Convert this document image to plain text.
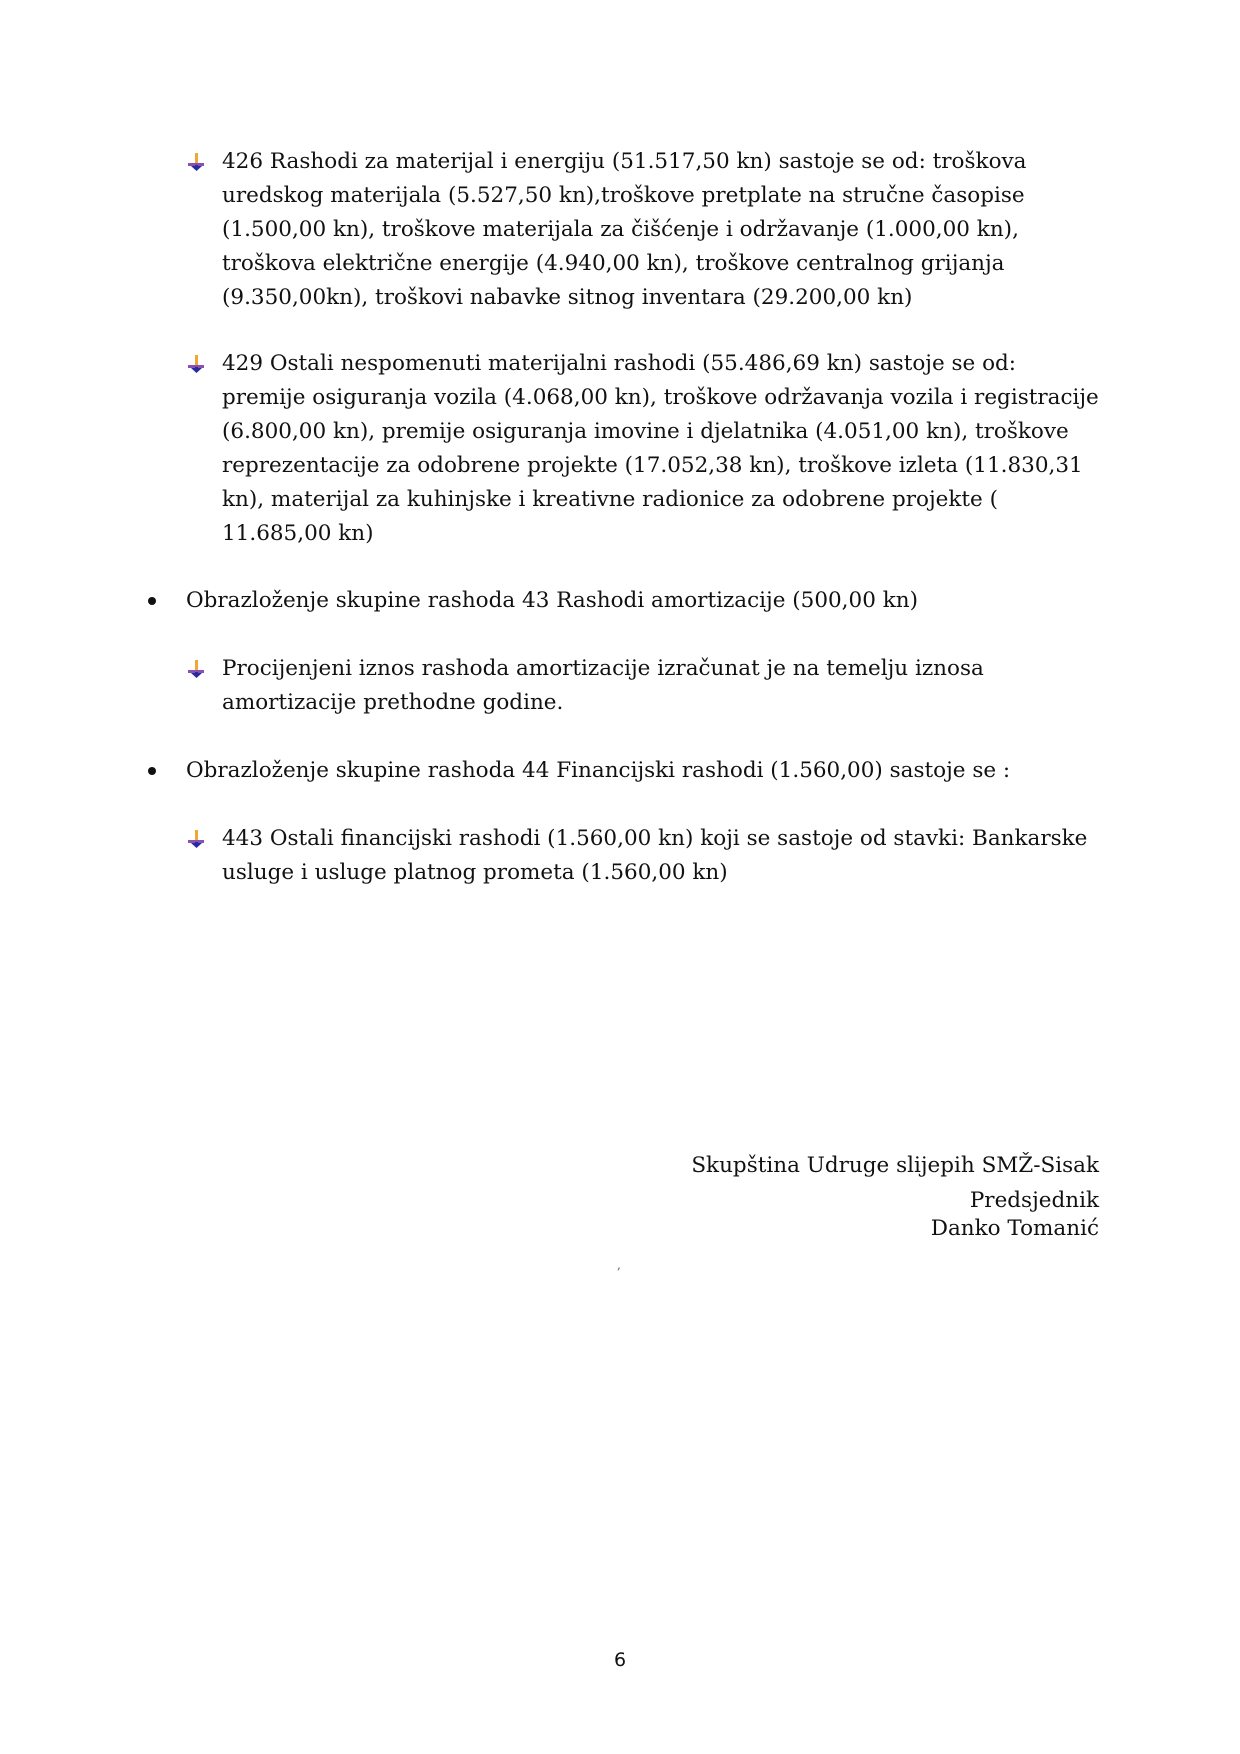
426 Rashodi za materijal i energiju (51.517,50 kn) sastoje se od: troškova uredskog materijala (5.527,50 kn),troškove pretplate na stručne časopise (1.500,00 kn), troškove materijala za čišćenje i održavanje (1.000,00 kn), troškova električne energije (4.940,00 kn), troškove centralnog grijanja (9.350,00kn), troškovi nabavke sitnog inventara (29.200,00 kn)
429 Ostali nespomenuti materijalni rashodi (55.486,69 kn) sastoje se od: premije osiguranja vozila (4.068,00 kn), troškove održavanja vozila i registracije (6.800,00 kn), premije osiguranja imovine i djelatnika (4.051,00 kn), troškove reprezentacije za odobrene projekte (17.052,38 kn), troškove izleta (11.830,31 kn), materijal za kuhinjske i kreativne radionice za odobrene projekte ( 11.685,00 kn)
Obrazloženje skupine rashoda 43 Rashodi amortizacije (500,00 kn)
Procijenjeni iznos rashoda amortizacije izračunat je na temelju iznosa amortizacije prethodne godine.
Obrazloženje skupine rashoda 44 Financijski rashodi (1.560,00) sastoje se :
443 Ostali financijski rashodi (1.560,00 kn) koji se sastoje od stavki: Bankarske usluge i usluge platnog prometa (1.560,00 kn)
Skupština Udruge slijepih SMŽ-Sisak
Predsjednik
Danko Tomanić
,
6
